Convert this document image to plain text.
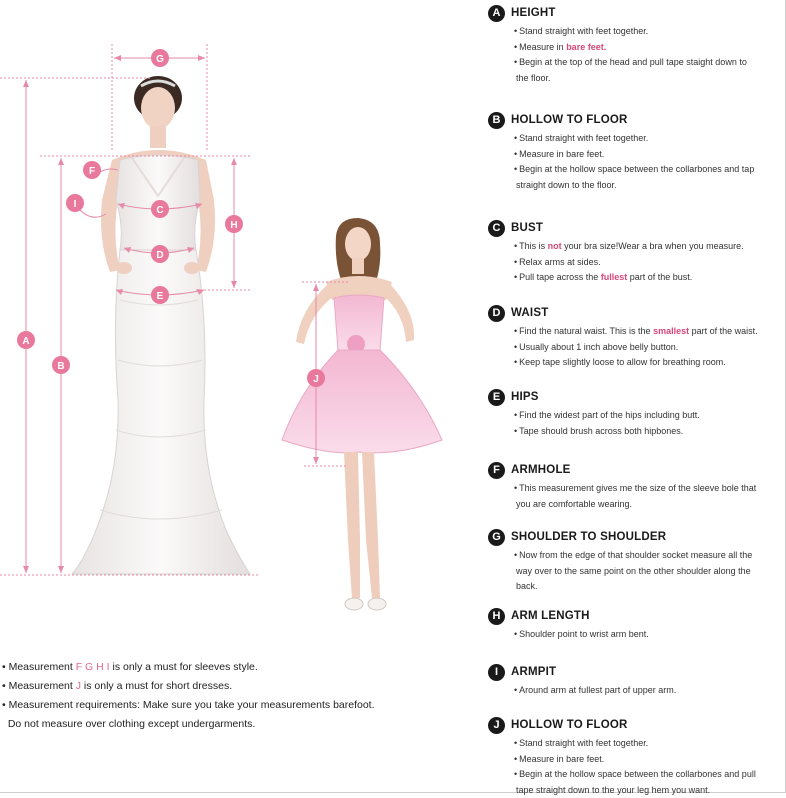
A
B
C
D
E
F
G
H
I
J
A HEIGHT
• Stand straight with feet together.
• Measure in bare feet.
• Begin at the top of the head and pull tape staight down to
the floor.
B HOLLOW TO FLOOR
• Stand straight with feet together.
• Measure in bare feet.
• Begin at the hollow space between the collarbones and tap
straight down to the floor.
C BUST
• This is not your bra size!Wear a bra when you measure.
• Relax arms at sides.
• Pull tape across the fullest part of the bust.
D WAIST
• Find the natural waist. This is the smallest part of the waist.
• Usually about 1 inch above belly button.
• Keep tape slightly loose to allow for breathing room.
E HIPS
• Find the widest part of the hips including butt.
• Tape should brush across both hipbones.
F ARMHOLE
• This measurement gives me the size of the sleeve bole that
you are comfortable wearing.
G SHOULDER TO SHOULDER
• Now from the edge of that shoulder socket measure all the
way over to the same point on the other shoulder along the
back.
H ARM LENGTH
• Shoulder point to wrist arm bent.
I	ARMPIT
• Around arm at fullest part of upper arm.
J HOLLOW TO FLOOR
• Stand straight with feet together.
• Measure in bare feet.
• Begin at the hollow space between the collarbones and pull
tape straight down to the your leg hem you want.
• Measurement F G H I is only a must for sleeves style.
• Measurement J is only a must for short dresses.
• Measurement requirements: Make sure you take your measurements barefoot.
Do not measure over clothing except undergarments.
